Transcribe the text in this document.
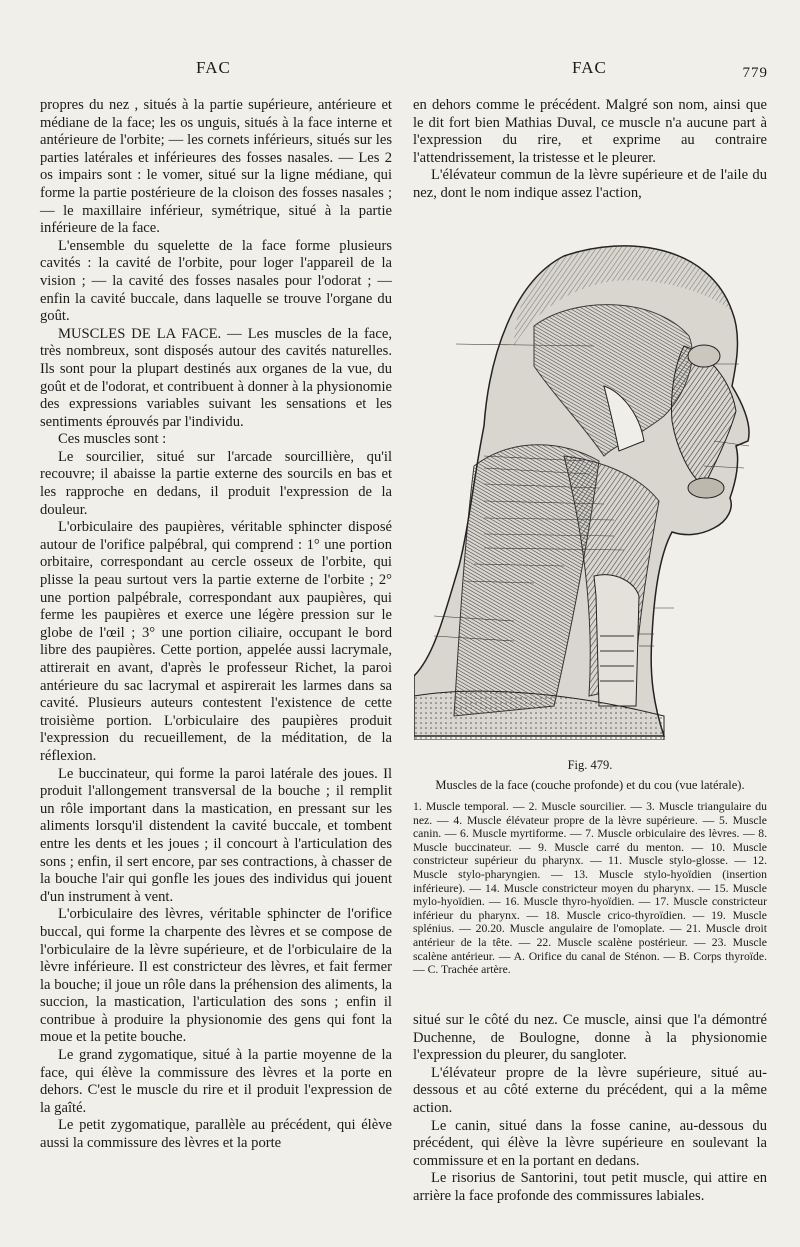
FAC	FAC	779

propres du nez , situés à la partie supérieure, antérieure et médiane de la face; les os unguis, situés à la face interne et antérieure de l'orbite; — les cornets inférieurs, situés sur les parties latérales et inférieures des fosses nasales. — Les 2 os impairs sont : le vomer, situé sur la ligne médiane, qui forme la partie postérieure de la cloison des fosses nasales ; — le maxillaire inférieur, symétrique, situé à la partie inférieure de la face.

L'ensemble du squelette de la face forme plusieurs cavités : la cavité de l'orbite, pour loger l'appareil de la vision ; — la cavité des fosses nasales pour l'odorat ; — enfin la cavité buccale, dans laquelle se trouve l'organe du goût.

MUSCLES DE LA FACE. — Les muscles de la face, très nombreux, sont disposés autour des cavités naturelles. Ils sont pour la plupart destinés aux organes de la vue, du goût et de l'odorat, et contribuent à donner à la physionomie des expressions variables suivant les sensations et les sentiments éprouvés par l'individu.

Ces muscles sont :

Le sourcilier, situé sur l'arcade sourcillière, qu'il recouvre; il abaisse la partie externe des sourcils en bas et les rapproche en dedans, il produit l'expression de la douleur.

L'orbiculaire des paupières, véritable sphincter disposé autour de l'orifice palpébral, qui comprend : 1° une portion orbitaire, correspondant au cercle osseux de l'orbite, qui plisse la peau surtout vers la partie externe de l'orbite ; 2° une portion palpébrale, correspondant aux paupières, qui ferme les paupières et exerce une légère pression sur le globe de l'œil ; 3° une portion ciliaire, occupant le bord libre des paupières. Cette portion, appelée aussi lacrymale, attirerait en avant, d'après le professeur Richet, la paroi antérieure du sac lacrymal et aspirerait les larmes dans sa cavité. Plusieurs auteurs contestent l'existence de cette troisième portion. L'orbiculaire des paupières produit l'expression du recueillement, de la méditation, de la réflexion.

Le buccinateur, qui forme la paroi latérale des joues. Il produit l'allongement transversal de la bouche ; il remplit un rôle important dans la mastication, en pressant sur les aliments lorsqu'il distendent la cavité buccale, et tombent entre les dents et les joues ; il concourt à l'articulation des sons ; enfin, il sert encore, par ses contractions, à chasser de la bouche l'air qui gonfle les joues des individus qui jouent d'un instrument à vent.

L'orbiculaire des lèvres, véritable sphincter de l'orifice buccal, qui forme la charpente des lèvres et se compose de l'orbiculaire de la lèvre supérieure, et de l'orbiculaire de la lèvre inférieure. Il est constricteur des lèvres, et fait fermer la bouche; il joue un rôle dans la préhension des aliments, la succion, la mastication, l'articulation des sons ; enfin il contribue à produire la physionomie des gens qui font la moue et la petite bouche.

Le grand zygomatique, situé à la partie moyenne de la face, qui élève la commissure des lèvres et la porte en dehors. C'est le muscle du rire et il produit l'expression de la gaîté.

Le petit zygomatique, parallèle au précédent, qui élève aussi la commissure des lèvres et la porte

en dehors comme le précédent. Malgré son nom, ainsi que le dit fort bien Mathias Duval, ce muscle n'a aucune part à l'expression du rire, et exprime au contraire l'attendrissement, la tristesse et le pleurer.

L'élévateur commun de la lèvre supérieure et de l'aile du nez, dont le nom indique assez l'action,

Fig. 479.
Muscles de la face (couche profonde) et du cou (vue latérale).
1. Muscle temporal. — 2. Muscle sourcilier. — 3. Muscle triangulaire du nez. — 4. Muscle élévateur propre de la lèvre supérieure. — 5. Muscle canin. — 6. Muscle myrtiforme. — 7. Muscle orbiculaire des lèvres. — 8. Muscle buccinateur. — 9. Muscle carré du menton. — 10. Muscle constricteur supérieur du pharynx. — 11. Muscle stylo-glosse. — 12. Muscle stylo-pharyngien. — 13. Muscle stylo-hyoïdien (insertion inférieure). — 14. Muscle constricteur moyen du pharynx. — 15. Muscle mylo-hyoïdien. — 16. Muscle thyro-hyoïdien. — 17. Muscle constricteur inférieur du pharynx. — 18. Muscle crico-thyroïdien. — 19. Muscle splénius. — 20.20. Muscle angulaire de l'omoplate. — 21. Muscle droit antérieur de la tête. — 22. Muscle scalène postérieur. — 23. Muscle scalène antérieur. — A. Orifice du canal de Sténon. — B. Corps thyroïde. — C. Trachée artère.

situé sur le côté du nez. Ce muscle, ainsi que l'a démontré Duchenne, de Boulogne, donne à la physionomie l'expression du pleurer, du sangloter.

L'élévateur propre de la lèvre supérieure, situé au-dessous et au côté externe du précédent, qui a la même action.

Le canin, situé dans la fosse canine, au-dessous du précédent, qui élève la lèvre supérieure en soulevant la commissure et en la portant en dedans.

Le risorius de Santorini, tout petit muscle, qui attire en arrière la face profonde des commissures labiales.
